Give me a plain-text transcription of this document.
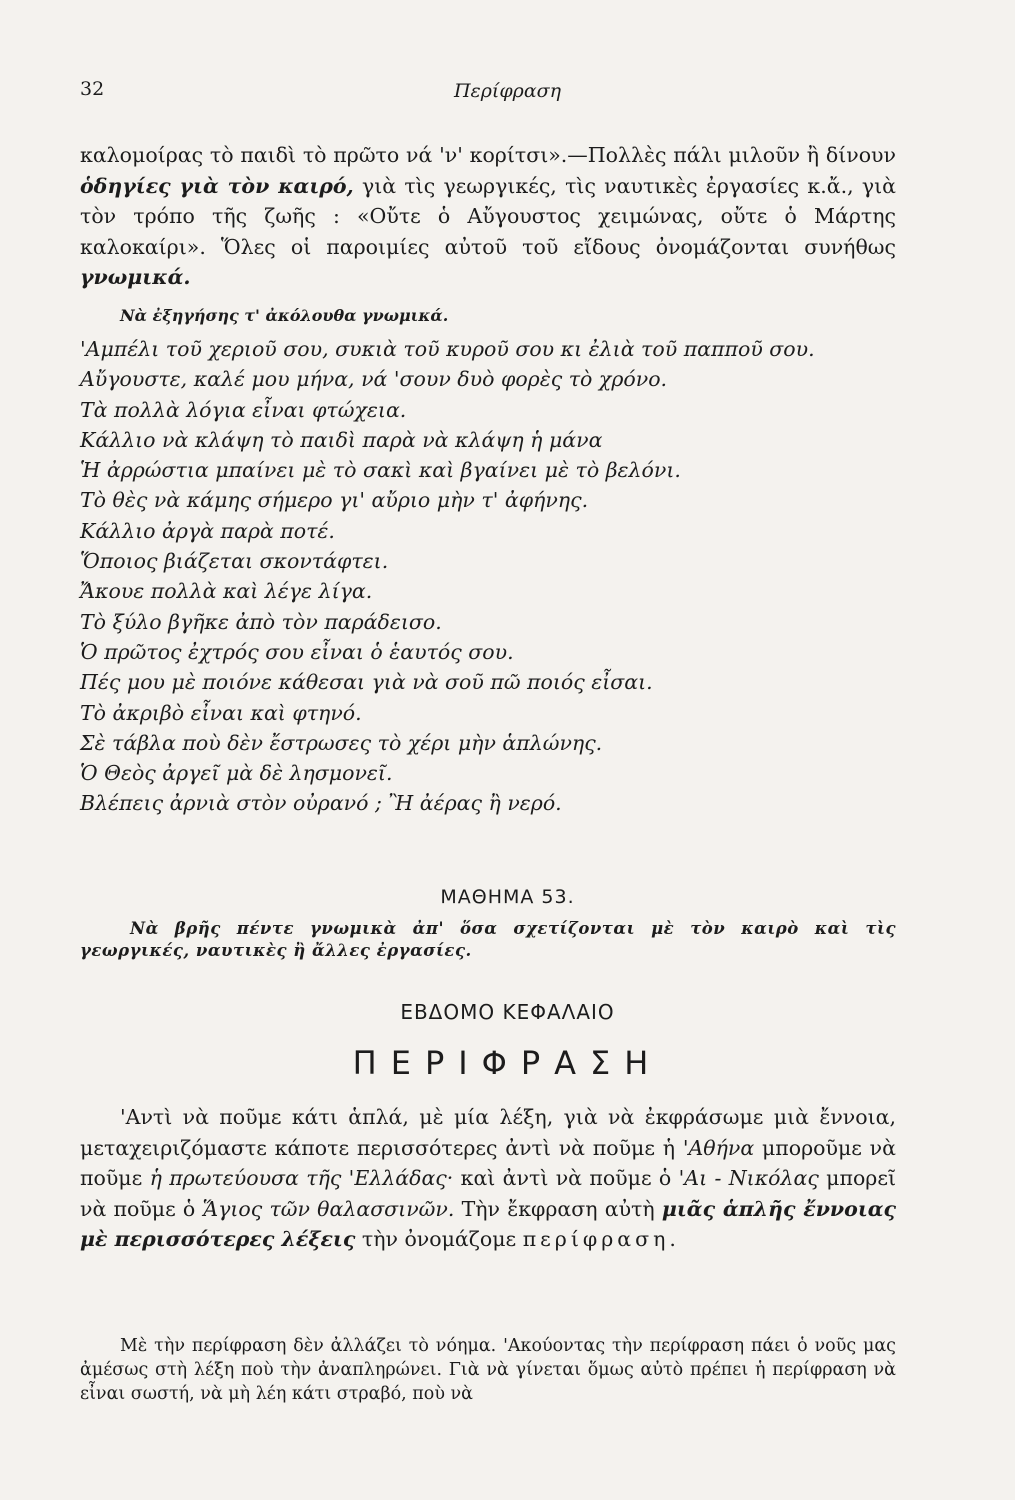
32	Περίφραση

καλομοίρας τὸ παιδὶ τὸ πρῶτο νά 'ν' κορίτσι».—Πολλὲς πάλι μιλοῦν ἢ δίνουν ὁδηγίες γιὰ τὸν καιρό, γιὰ τὶς γεωργικές, τὶς ναυτικὲς ἐργασίες κ.ἄ., γιὰ τὸν τρόπο τῆς ζωῆς : «Οὔτε ὁ Αὔγουστος χειμώνας, οὔτε ὁ Μάρτης καλοκαίρι». Ὅλες οἱ παροιμίες αὐτοῦ τοῦ εἴδους ὀνομάζονται συνήθως γνωμικά.

Νὰ ἐξηγήσης τ' ἀκόλουθα γνωμικά.

'Αμπέλι τοῦ χεριοῦ σου, συκιὰ τοῦ κυροῦ σου κι ἐλιὰ τοῦ παπποῦ σου.
Αὔγουστε, καλέ μου μήνα, νά 'σουν δυὸ φορὲς τὸ χρόνο.
Τὰ πολλὰ λόγια εἶναι φτώχεια.
Κάλλιο νὰ κλάψη τὸ παιδὶ παρὰ νὰ κλάψη ἡ μάνα
Ἡ ἀρρώστια μπαίνει μὲ τὸ σακὶ καὶ βγαίνει μὲ τὸ βελόνι.
Τὸ θὲς νὰ κάμης σήμερο γι' αὔριο μὴν τ' ἀφήνης.
Κάλλιο ἀργὰ παρὰ ποτέ.
Ὅποιος βιάζεται σκοντάφτει.
Ἄκουε πολλὰ καὶ λέγε λίγα.
Τὸ ξύλο βγῆκε ἀπὸ τὸν παράδεισο.
Ὁ πρῶτος ἐχτρός σου εἶναι ὁ ἑαυτός σου.
Πές μου μὲ ποιόνε κάθεσαι γιὰ νὰ σοῦ πῶ ποιός εἶσαι.
Τὸ ἀκριβὸ εἶναι καὶ φτηνό.
Σὲ τάβλα ποὺ δὲν ἔστρωσες τὸ χέρι μὴν ἁπλώνης.
Ὁ Θεὸς ἀργεῖ μὰ δὲ λησμονεῖ.
Βλέπεις ἀρνιὰ στὸν οὐρανό ; Ἢ ἀέρας ἢ νερό.
ΜΑΘΗΜΑ 53.

Νὰ βρῆς πέντε γνωμικὰ ἀπ' ὅσα σχετίζονται μὲ τὸν καιρὸ καὶ τὶς γεωργικές, ναυτικὲς ἢ ἄλλες ἐργασίες.

ΕΒΔΟΜΟ ΚΕΦΑΛΑΙΟ
ΠΕΡΙΦΡΑΣΗ

'Αντὶ νὰ ποῦμε κάτι ἁπλά, μὲ μία λέξη, γιὰ νὰ ἐκφράσωμε μιὰ ἔννοια, μεταχειριζόμαστε κάποτε περισσότερες ἀντὶ νὰ ποῦμε ἡ 'Αθήνα μποροῦμε νὰ ποῦμε ἡ πρωτεύουσα τῆς 'Ελλάδας· καὶ ἀντὶ νὰ ποῦμε ὁ 'Αι - Νικόλας μπορεῖ νὰ ποῦμε ὁ Ἅγιος τῶν θαλασσινῶν. Τὴν ἔκφραση αὐτὴ μιᾶς ἁπλῆς ἔννοιας μὲ περισσότερες λέξεις τὴν ὀνομάζομε περίφραση.

Μὲ τὴν περίφραση δὲν ἀλλάζει τὸ νόημα. 'Ακούοντας τὴν περίφραση πάει ὁ νοῦς μας ἀμέσως στὴ λέξη ποὺ τὴν ἀναπληρώνει. Γιὰ νὰ γίνεται ὅμως αὐτὸ πρέπει ἡ περίφραση νὰ εἶναι σωστή, νὰ μὴ λέη κάτι στραβό, ποὺ νὰ
